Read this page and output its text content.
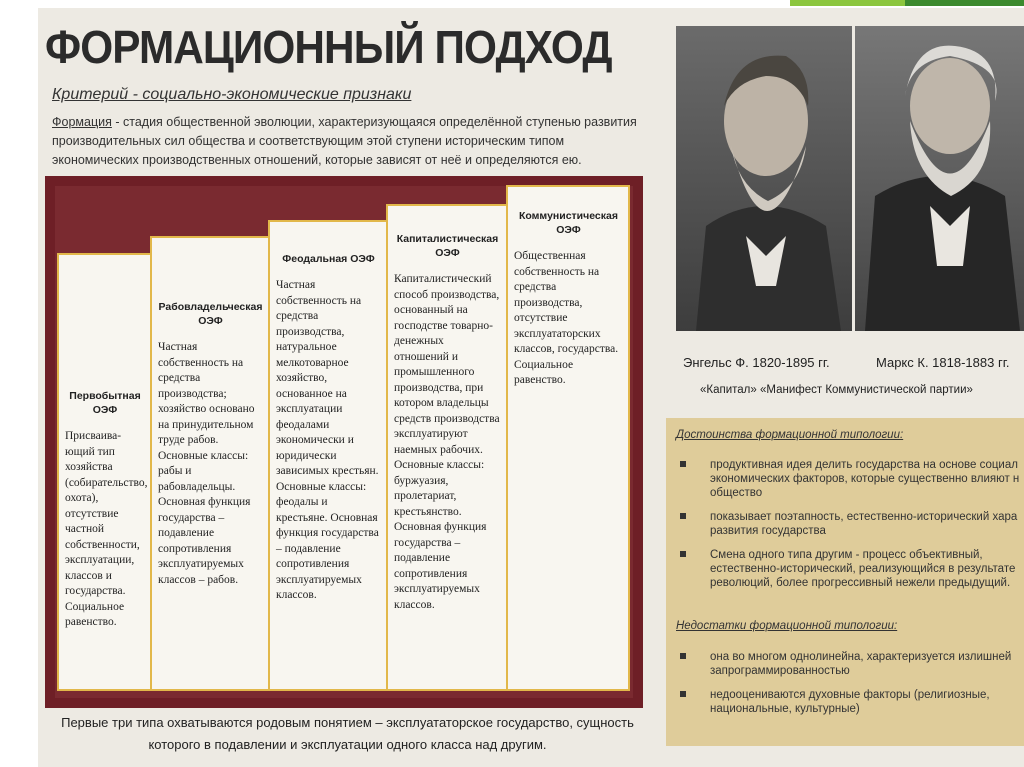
ФОРМАЦИОННЫЙ ПОДХОД
Критерий - социально-экономические признаки
Формация - стадия общественной эволюции, характеризующаяся определённой ступенью развития производительных сил общества и соответствующим этой ступени историческим типом экономических производственных отношений, которые зависят от неё и определяются ею.
Первобытная ОЭФ
Присваива-ющий тип хозяйства (собирательство, охота), отсутствие частной собственности, эксплуатации, классов и государства. Социальное равенство.
Рабовладельческая ОЭФ
Частная собственность на средства производства; хозяйство основано на принудительном труде рабов. Основные классы: рабы и рабовладельцы. Основная функция государства – подавление сопротивления эксплуатируемых классов – рабов.
Феодальная ОЭФ
Частная собственность на средства производства, натуральное мелкотоварное хозяйство, основанное на эксплуатации феодалами экономически и юридически зависимых крестьян. Основные классы: феодалы и крестьяне. Основная функция государства – подавление сопротивления эксплуатируемых классов.
Капиталистическая ОЭФ
Капиталистический способ производства, основанный на господстве товарно-денежных отношений и промышленного производства, при котором владельцы средств производства эксплуатируют наемных рабочих. Основные классы: буржуазия, пролетариат, крестьянство. Основная функция государства – подавление сопротивления эксплуатируемых классов.
Коммунистическая ОЭФ
Общественная собственность на средства производства, отсутствие эксплуататорских классов, государства. Социальное равенство.
Первые три типа охватываются родовым понятием – эксплуататорское государство, сущность которого в подавлении и эксплуатации одного класса над другим.
Энгельс Ф. 1820-1895 гг.	Маркс К. 1818-1883 гг.
«Капитал» «Манифест Коммунистической партии»
Достоинства формационной типологии:
продуктивная идея делить государства на основе социал экономических факторов, которые существенно влияют н общество
показывает поэтапность, естественно-исторический хара развития государства
Смена одного типа другим - процесс объективный, естественно-исторический, реализующийся в результате революций, более прогрессивный нежели предыдущий.
Недостатки формационной типологии:
она во многом однолинейна, характеризуется излишней запрограммированностью
недооцениваются духовные факторы (религиозные, национальные, культурные)
